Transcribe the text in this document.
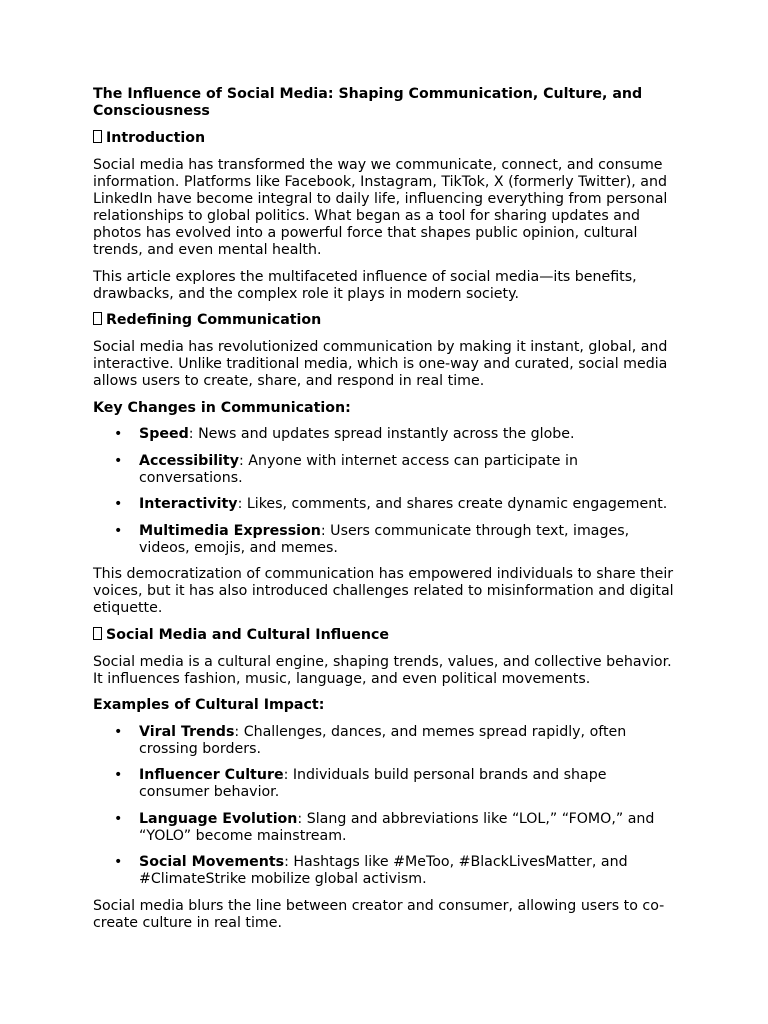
The Influence of Social Media: Shaping Communication, Culture, and Consciousness
Introduction

Social media has transformed the way we communicate, connect, and consume information. Platforms like Facebook, Instagram, TikTok, X (formerly Twitter), and LinkedIn have become integral to daily life, influencing everything from personal relationships to global politics. What began as a tool for sharing updates and photos has evolved into a powerful force that shapes public opinion, cultural trends, and even mental health.

This article explores the multifaceted influence of social media—its benefits, drawbacks, and the complex role it plays in modern society.

Redefining Communication

Social media has revolutionized communication by making it instant, global, and interactive. Unlike traditional media, which is one-way and curated, social media allows users to create, share, and respond in real time.

Key Changes in Communication:
• Speed: News and updates spread instantly across the globe.
• Accessibility: Anyone with internet access can participate in conversations.
• Interactivity: Likes, comments, and shares create dynamic engagement.
• Multimedia Expression: Users communicate through text, images, videos, emojis, and memes.

This democratization of communication has empowered individuals to share their voices, but it has also introduced challenges related to misinformation and digital etiquette.

Social Media and Cultural Influence

Social media is a cultural engine, shaping trends, values, and collective behavior. It influences fashion, music, language, and even political movements.

Examples of Cultural Impact:
• Viral Trends: Challenges, dances, and memes spread rapidly, often crossing borders.
• Influencer Culture: Individuals build personal brands and shape consumer behavior.
• Language Evolution: Slang and abbreviations like “LOL,” “FOMO,” and “YOLO” become mainstream.
• Social Movements: Hashtags like #MeToo, #BlackLivesMatter, and #ClimateStrike mobilize global activism.

Social media blurs the line between creator and consumer, allowing users to co-create culture in real time.
